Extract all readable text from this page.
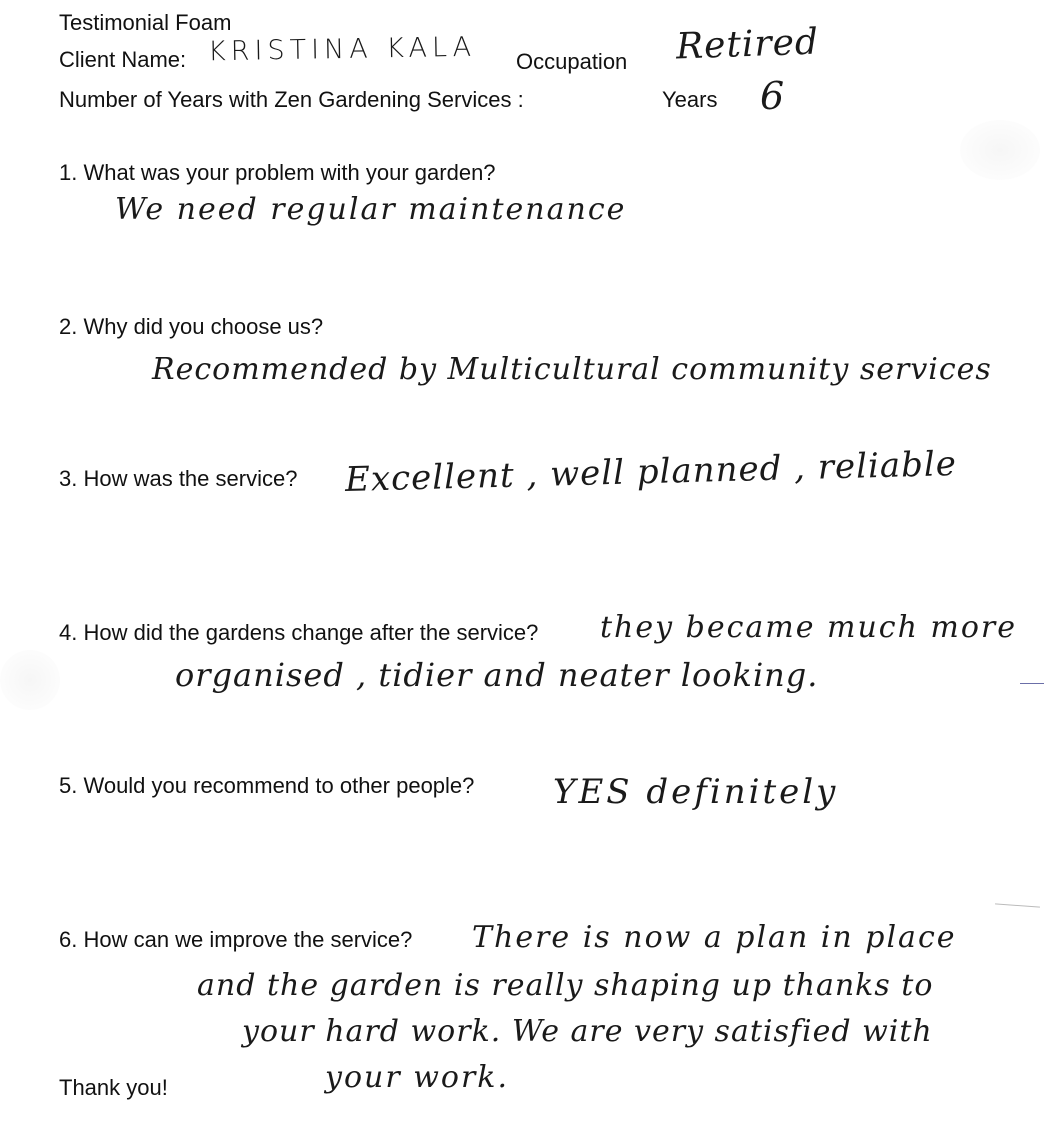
Testimonial Foam
Client Name: KRISTINA KALA Occupation Retired
Number of Years with Zen Gardening Services :	Years 6
1. What was your problem with your garden?
We need regular maintenance
2. Why did you choose us?
Recommended by Multicultural community services
3. How was the service? Excellent , well planned , reliable
4. How did the gardens change after the service? they became much more
organised , tidier and neater looking.
5. Would you recommend to other people? YES definitely
6. How can we improve the service? There is now a plan in place
and the garden is really shaping up thanks to
your hard work. We are very satisfied with
your work.
Thank you!
